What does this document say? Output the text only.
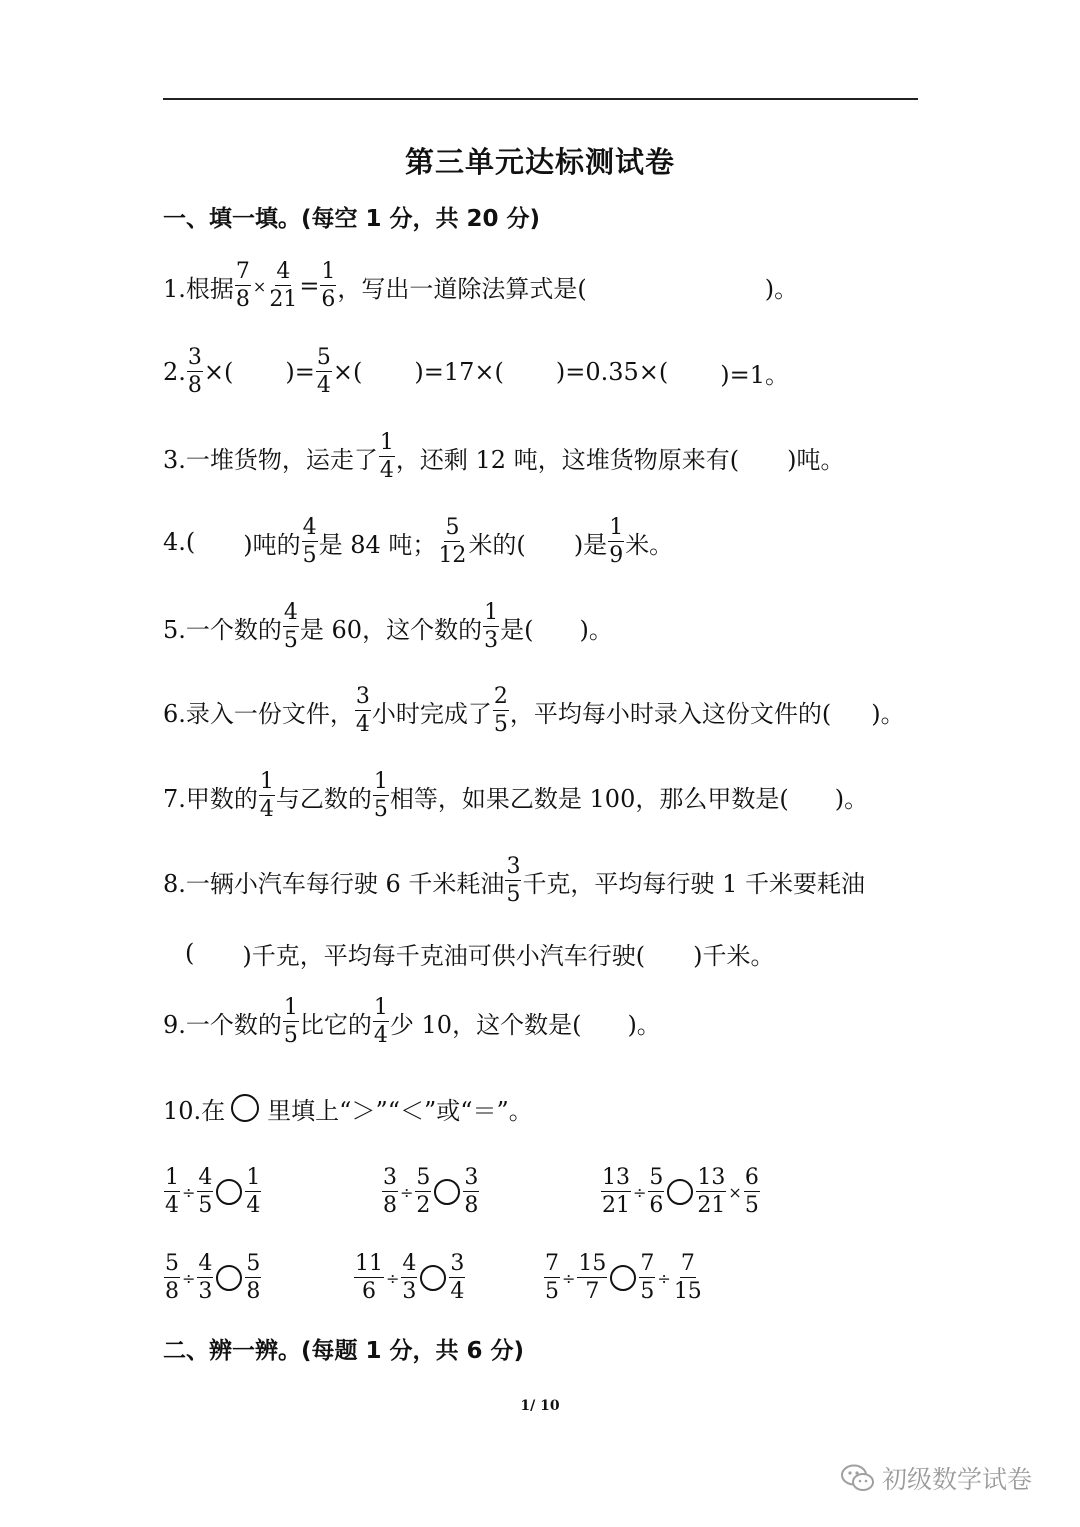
第三单元达标测试卷
一、填一填。(每空 1 分，共 20 分)
1.根据 $\frac{7}{8} \times \frac{4}{21} = \frac{1}{6}$ ，写出一道除法算式是(	)。
2. $\frac{3}{8}$ ×( )= $\frac{5}{4}$ ×( )=17×( )=0.35×( )=1。
3.一堆货物，运走了 $\frac{1}{4}$ ，还剩 12 吨，这堆货物原来有( )吨。
4.( )吨的 $\frac{4}{5}$ 是 84 吨； $\frac{5}{12}$ 米的( )是 $\frac{1}{9}$ 米。
5.一个数的 $\frac{4}{5}$ 是 60，这个数的 $\frac{1}{3}$ 是( )。
6.录入一份文件， $\frac{3}{4}$ 小时完成了 $\frac{2}{5}$ ，平均每小时录入这份文件的( )。
7.甲数的 $\frac{1}{4}$ 与乙数的 $\frac{1}{5}$ 相等，如果乙数是 100，那么甲数是( )。
8.一辆小汽车每行驶 6 千米耗油 $\frac{3}{5}$ 千克，平均每行驶 1 千米要耗油
( )千克，平均每千克油可供小汽车行驶( )千米。
9.一个数的 $\frac{1}{5}$ 比它的 $\frac{1}{4}$ 少 10，这个数是( )。
10.在 里填上“＞”“＜”或“＝”。
$\frac{1}{4} \div \frac{4}{5} \frac{1}{4}$	$\frac{3}{8} \div \frac{5}{2} \frac{3}{8}$	$\frac{13}{21} \div \frac{5}{6} \frac{13}{21} \times \frac{6}{5}$
$\frac{5}{8} \div \frac{4}{3} \frac{5}{8}$	$\frac{11}{6} \div \frac{4}{3} \frac{3}{4}$	$\frac{7}{5} \div \frac{15}{7} \frac{7}{5} \div \frac{7}{15}$
二、辨一辨。(每题 1 分，共 6 分)
1/ 10
初级数学试卷
